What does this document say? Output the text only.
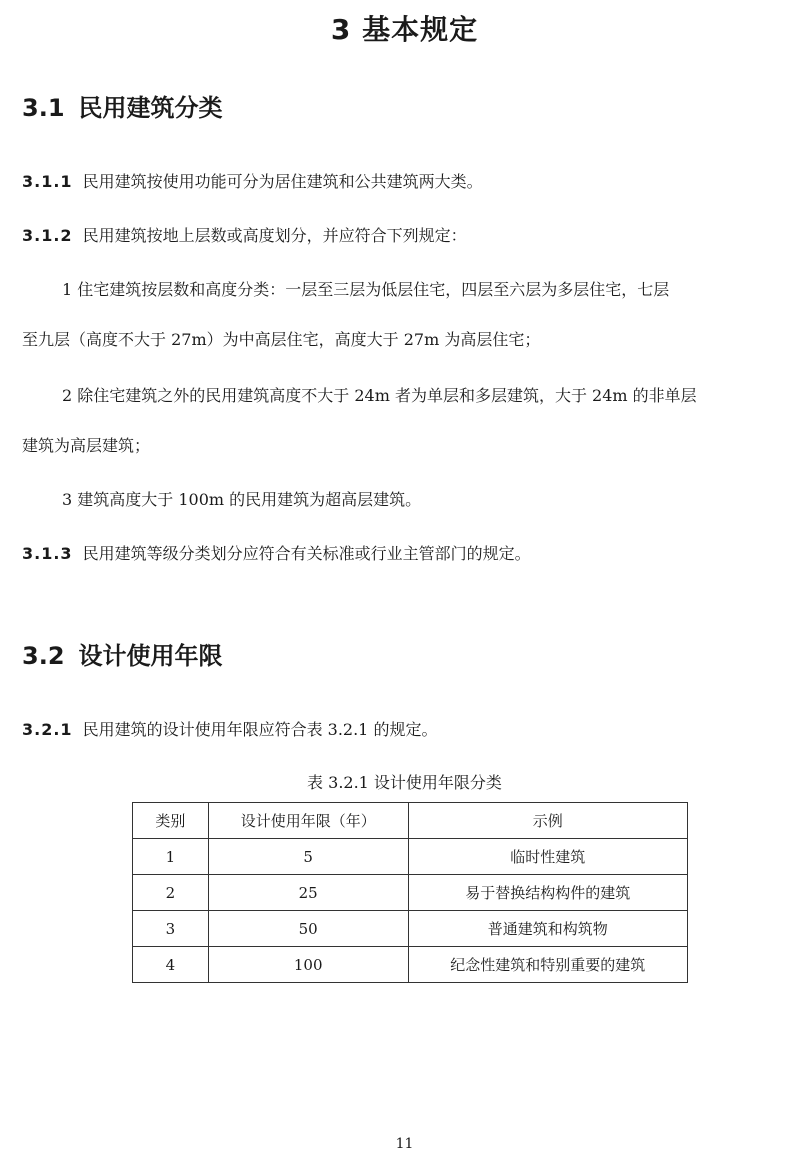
3 基本规定
3.1 民用建筑分类
3.1.1 民用建筑按使用功能可分为居住建筑和公共建筑两大类。
3.1.2 民用建筑按地上层数或高度划分，并应符合下列规定：
1 住宅建筑按层数和高度分类：一层至三层为低层住宅，四层至六层为多层住宅，七层
至九层（高度不大于 27m）为中高层住宅，高度大于 27m 为高层住宅；
2 除住宅建筑之外的民用建筑高度不大于 24m 者为单层和多层建筑，大于 24m 的非单层
建筑为高层建筑；
3 建筑高度大于 100m 的民用建筑为超高层建筑。
3.1.3 民用建筑等级分类划分应符合有关标准或行业主管部门的规定。
3.2 设计使用年限
3.2.1 民用建筑的设计使用年限应符合表 3.2.1 的规定。
表 3.2.1 设计使用年限分类
类别	设计使用年限（年）	示例
1	5	临时性建筑
2	25	易于替换结构构件的建筑
3	50	普通建筑和构筑物
4	100	纪念性建筑和特别重要的建筑
11
